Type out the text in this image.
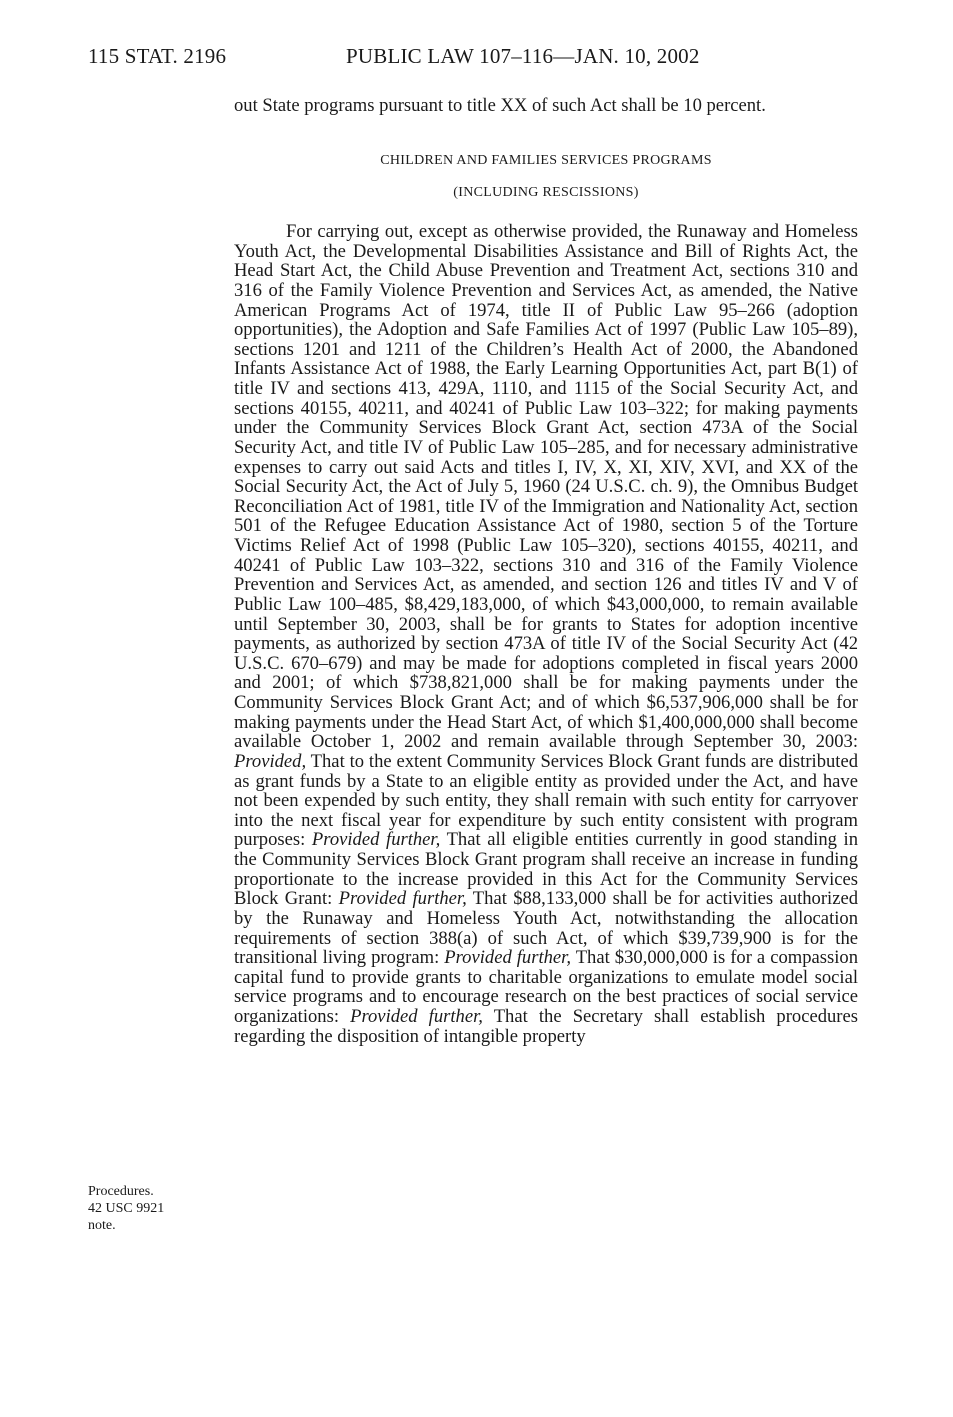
115 STAT. 2196	PUBLIC LAW 107–116—JAN. 10, 2002
out State programs pursuant to title XX of such Act shall be 10 percent.
CHILDREN AND FAMILIES SERVICES PROGRAMS
(INCLUDING RESCISSIONS)
For carrying out, except as otherwise provided, the Runaway and Homeless Youth Act, the Developmental Disabilities Assistance and Bill of Rights Act, the Head Start Act, the Child Abuse Prevention and Treatment Act, sections 310 and 316 of the Family Violence Prevention and Services Act, as amended, the Native American Programs Act of 1974, title II of Public Law 95–266 (adoption opportunities), the Adoption and Safe Families Act of 1997 (Public Law 105–89), sections 1201 and 1211 of the Children’s Health Act of 2000, the Abandoned Infants Assistance Act of 1988, the Early Learning Opportunities Act, part B(1) of title IV and sections 413, 429A, 1110, and 1115 of the Social Security Act, and sections 40155, 40211, and 40241 of Public Law 103–322; for making payments under the Community Services Block Grant Act, section 473A of the Social Security Act, and title IV of Public Law 105–285, and for necessary administrative expenses to carry out said Acts and titles I, IV, X, XI, XIV, XVI, and XX of the Social Security Act, the Act of July 5, 1960 (24 U.S.C. ch. 9), the Omnibus Budget Reconciliation Act of 1981, title IV of the Immigration and Nationality Act, section 501 of the Refugee Education Assistance Act of 1980, section 5 of the Torture Victims Relief Act of 1998 (Public Law 105–320), sections 40155, 40211, and 40241 of Public Law 103–322, sections 310 and 316 of the Family Violence Prevention and Services Act, as amended, and section 126 and titles IV and V of Public Law 100–485, $8,429,183,000, of which $43,000,000, to remain available until September 30, 2003, shall be for grants to States for adoption incentive payments, as authorized by section 473A of title IV of the Social Security Act (42 U.S.C. 670–679) and may be made for adoptions completed in fiscal years 2000 and 2001; of which $738,821,000 shall be for making payments under the Community Services Block Grant Act; and of which $6,537,906,000 shall be for making payments under the Head Start Act, of which $1,400,000,000 shall become available October 1, 2002 and remain available through September 30, 2003: Provided, That to the extent Community Services Block Grant funds are distributed as grant funds by a State to an eligible entity as provided under the Act, and have not been expended by such entity, they shall remain with such entity for carryover into the next fiscal year for expenditure by such entity consistent with program purposes: Provided further, That all eligible entities currently in good standing in the Community Services Block Grant program shall receive an increase in funding proportionate to the increase provided in this Act for the Community Services Block Grant: Provided further, That $88,133,000 shall be for activities authorized by the Runaway and Homeless Youth Act, notwithstanding the allocation requirements of section 388(a) of such Act, of which $39,739,900 is for the transitional living program: Provided further, That $30,000,000 is for a compassion capital fund to provide grants to charitable organizations to emulate model social service programs and to encourage research on the best practices of social service organizations: Provided further, That the Secretary shall establish procedures regarding the disposition of intangible property
Procedures.
42 USC 9921
note.
